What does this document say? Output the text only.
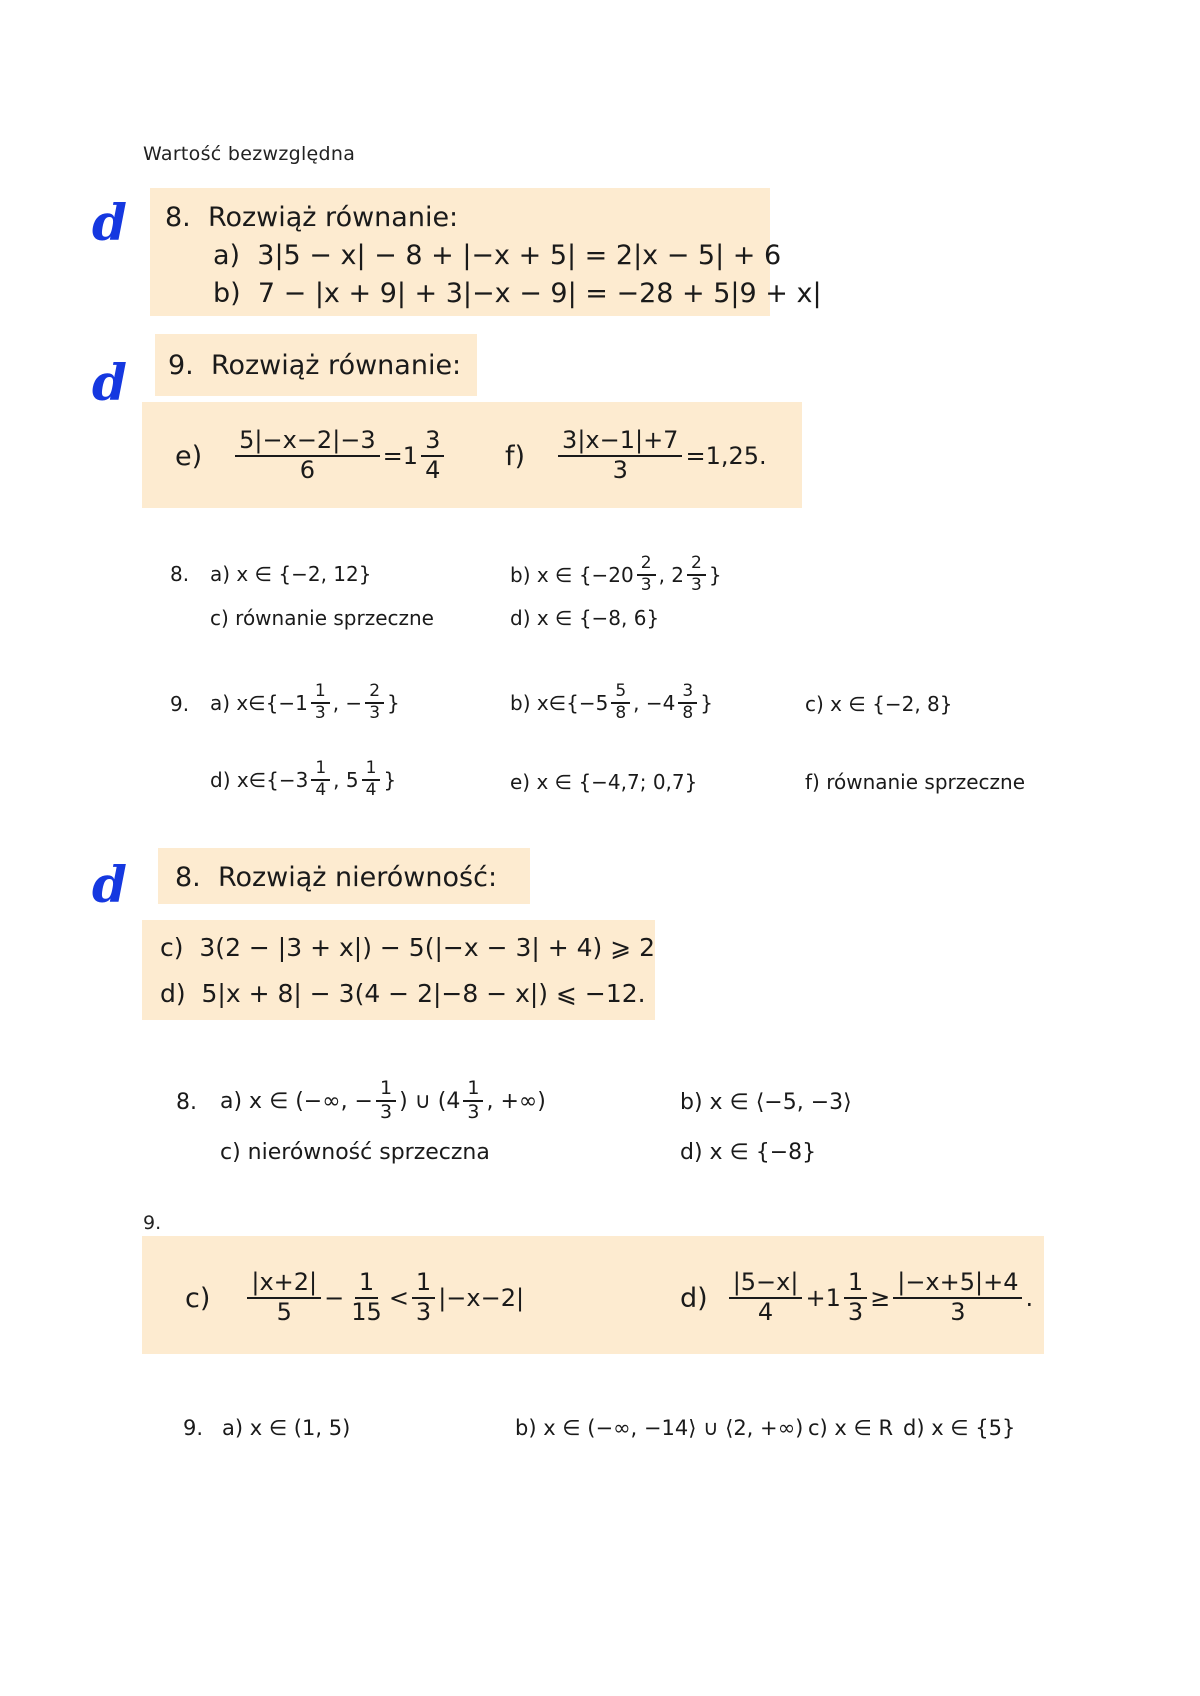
Wartość bezwzględna
d 8. Rozwiąż równanie:
a) 3|5 − x| − 8 + |−x + 5| = 2|x − 5| + 6
b) 7 − |x + 9| + 3|−x − 9| = −28 + 5|9 + x|
d 9. Rozwiąż równanie:
$e) \frac{5|-x-2|-3}{6} =1 \frac{3}{4} f) \frac{3|x-1|+7}{3} =1,25$.
8. a) x ∈ {−2, 12}	b) x ∈ {$-20 \frac{2}{3}$ , $2 \frac{2}{3}$ }
c) równanie sprzeczne	d) x ∈ {−8, 6}
9. a) x∈{−1 $\frac{1}{3}$ , − $\frac{2}{3}$ }	b) x∈{−5 $\frac{5}{8}$ , $-4 \frac{3}{8}$ }	c) x ∈ {−2, 8}
d) x∈{−3 $\frac{1}{4}$ , $5 \frac{1}{4}$ }	e) x ∈ {−4,7; 0,7}	f) równanie sprzeczne
d 8. Rozwiąż nierówność:
c) 3(2 − |3 + x|) − 5(|−x − 3| + 4) ⩾ 2
d) 5|x + 8| − 3(4 − 2|−8 − x|) ⩽ −12.
8. a) x ∈ (−∞, − $\frac{1}{3}$ ) ∪ ($4 \frac{1}{3}$ , +∞)	b) x ∈ ⟨−5, −3⟩
c) nierówność sprzeczna	d) x ∈ {−8}
9.
$c) \frac{|x+2|}{5} - \frac{1}{15} < \frac{1}{3} |-x-2|$	$d) \frac{|5-x|}{4} +1 \frac{1}{3} \ge \frac{|-x+5|+4}{3}$ .
9. a) x ∈ (1, 5)	b) x ∈ (−∞, −14⟩ ∪ ⟨2, +∞) c) x ∈ R d) x ∈ {5}
